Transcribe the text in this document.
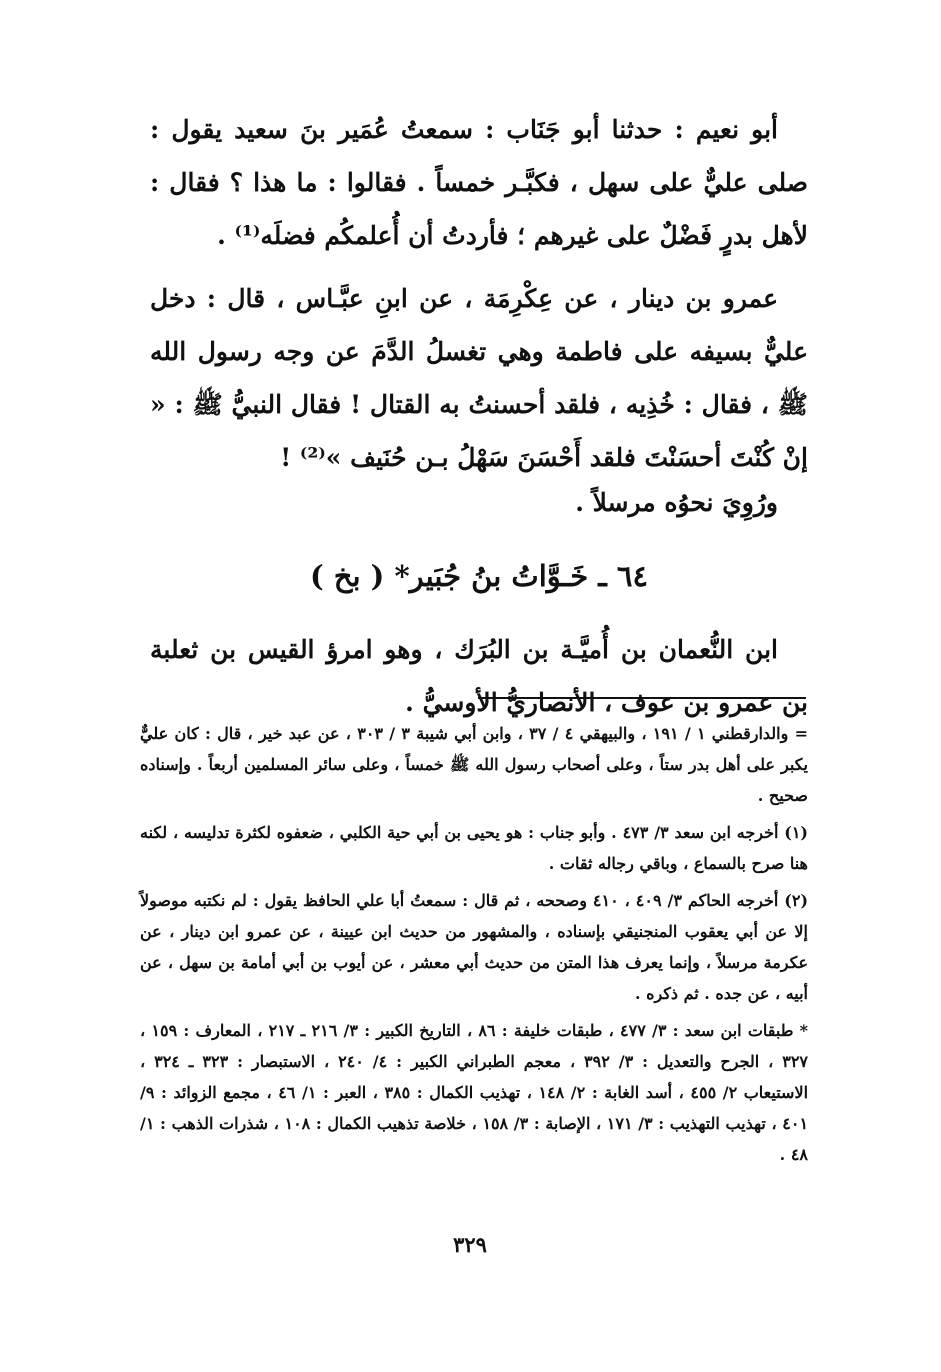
أبو نعيم : حدثنا أبو جَنَاب : سمعتُ عُمَير بنَ سعيد يقول : صلى عليٌّ على سهل ، فكبَّـر خمساً . فقالوا : ما هذا ؟ فقال : لأهل بدرٍ فَضْلٌ على غيرهم ؛ فأردتُ أن أُعلمكُم فضلَه⁽¹⁾ .

عمرو بن دينار ، عن عِكْرِمَة ، عن ابنِ عبَّـاس ، قال : دخل عليٌّ بسيفه على فاطمة وهي تغسلُ الدَّمَ عن وجه رسول الله ﷺ ، فقال : خُذِيه ، فلقد أحسنتُ به القتال ! فقال النبيُّ ﷺ : « إنْ كُنْتَ أحسَنْتَ فلقد أَحْسَنَ سَهْلُ بـن حُنَيف »⁽²⁾ !

ورُوِيَ نحوُه مرسلاً .

٦٤ ـ خَـوَّاتُ بنُ جُبَير* ( بخ )

ابن النُّعمان بن أُميَّـة بن البُرَك ، وهو امرؤ القيس بن ثعلبة بن عمرو بن عوف ، الأنصاريُّ الأوسيُّ .

= والدارقطني ١ / ١٩١ ، والبيهقي ٤ / ٣٧ ، وابن أبي شيبة ٣ / ٣٠٣ ، عن عبد خير ، قال : كان عليٌّ يكبر على أهل بدر ستاً ، وعلى أصحاب رسول الله ﷺ خمساً ، وعلى سائر المسلمين أربعاً . وإسناده صحيح .

(١) أخرجه ابن سعد ٣/ ٤٧٣ . وأبو جناب : هو يحيى بن أبي حية الكلبي ، ضعفوه لكثرة تدليسه ، لكنه هنا صرح بالسماع ، وباقي رجاله ثقات .

(٢) أخرجه الحاكم ٣/ ٤٠٩ ، ٤١٠ وصححه ، ثم قال : سمعتُ أبا علي الحافظ يقول : لم نكتبه موصولاً إلا عن أبي يعقوب المنجنيقي بإسناده ، والمشهور من حديث ابن عيينة ، عن عمرو ابن دينار ، عن عكرمة مرسلاً ، وإنما يعرف هذا المتن من حديث أبي معشر ، عن أيوب بن أبي أمامة بن سهل ، عن أبيه ، عن جده . ثم ذكره .

* طبقات ابن سعد : ٣/ ٤٧٧ ، طبقات خليفة : ٨٦ ، التاريخ الكبير : ٣/ ٢١٦ ـ ٢١٧ ، المعارف : ١٥٩ ، ٣٢٧ ، الجرح والتعديل : ٣/ ٣٩٢ ، معجم الطبراني الكبير : ٤/ ٢٤٠ ، الاستبصار : ٣٢٣ ـ ٣٢٤ ، الاستيعاب ٢/ ٤٥٥ ، أسد الغابة : ٢/ ١٤٨ ، تهذيب الكمال : ٣٨٥ ، العبر : ١/ ٤٦ ، مجمع الزوائد : ٩/ ٤٠١ ، تهذيب التهذيب : ٣/ ١٧١ ، الإصابة : ٣/ ١٥٨ ، خلاصة تذهيب الكمال : ١٠٨ ، شذرات الذهب : ١/ ٤٨ .

٣٢٩
